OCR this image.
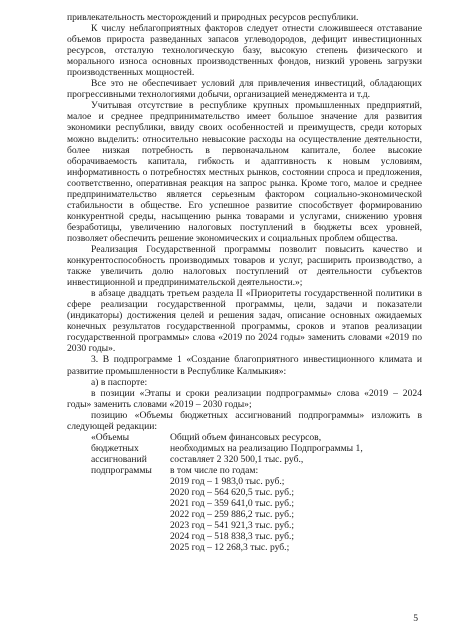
привлекательность месторождений и природных ресурсов республики.

К числу неблагоприятных факторов следует отнести сложившееся отставание объемов прироста разведанных запасов углеводородов, дефицит инвестиционных ресурсов, отсталую технологическую базу, высокую степень физического и морального износа основных производственных фондов, низкий уровень загрузки производственных мощностей.

Все это не обеспечивает условий для привлечения инвестиций, обладающих прогрессивными технологиями добычи, организацией менеджмента и т.д.

Учитывая отсутствие в республике крупных промышленных предприятий, малое и среднее предпринимательство имеет большое значение для развития экономики республики, ввиду своих особенностей и преимуществ, среди которых можно выделить: относительно невысокие расходы на осуществление деятельности, более низкая потребность в первоначальном капитале, более высокие оборачиваемость капитала, гибкость и адаптивность к новым условиям, информативность о потребностях местных рынков, состоянии спроса и предложения, соответственно, оперативная реакция на запрос рынка. Кроме того, малое и среднее предпринимательство является серьезным фактором социально-экономической стабильности в обществе. Его успешное развитие способствует формированию конкурентной среды, насыщению рынка товарами и услугами, снижению уровня безработицы, увеличению налоговых поступлений в бюджеты всех уровней, позволяет обеспечить решение экономических и социальных проблем общества.

Реализация Государственной программы позволит повысить качество и конкурентоспособность производимых товаров и услуг, расширить производство, а также увеличить долю налоговых поступлений от деятельности субъектов инвестиционной и предпринимательской деятельности.»;

в абзаце двадцать третьем раздела II «Приоритеты государственной политики в сфере реализации государственной программы, цели, задачи и показатели (индикаторы) достижения целей и решения задач, описание основных ожидаемых конечных результатов государственной программы, сроков и этапов реализации государственной программы» слова «2019 по 2024 годы» заменить словами «2019 по 2030 годы».

3. В подпрограмме 1 «Создание благоприятного инвестиционного климата и развитие промышленности в Республике Калмыкия»:

а) в паспорте:

в позиции «Этапы и сроки реализации подпрограммы» слова «2019 – 2024 годы» заменить словами «2019 – 2030 годы»;

позицию «Объемы бюджетных ассигнований подпрограммы» изложить в следующей редакции:

«Объемы
бюджетных
ассигнований
подпрограммы
Общий объем финансовых ресурсов,
необходимых на реализацию Подпрограммы 1,
составляет 2 320 500,1 тыс. руб.,
в том числе по годам:
2019 год – 1 983,0 тыс. руб.;
2020 год – 564 620,5 тыс. руб.;
2021 год – 359 641,0 тыс. руб.;
2022 год – 259 886,2 тыс. руб.;
2023 год – 541 921,3 тыс. руб.;
2024 год – 518 838,3 тыс. руб.;
2025 год – 12 268,3 тыс. руб.;
5
